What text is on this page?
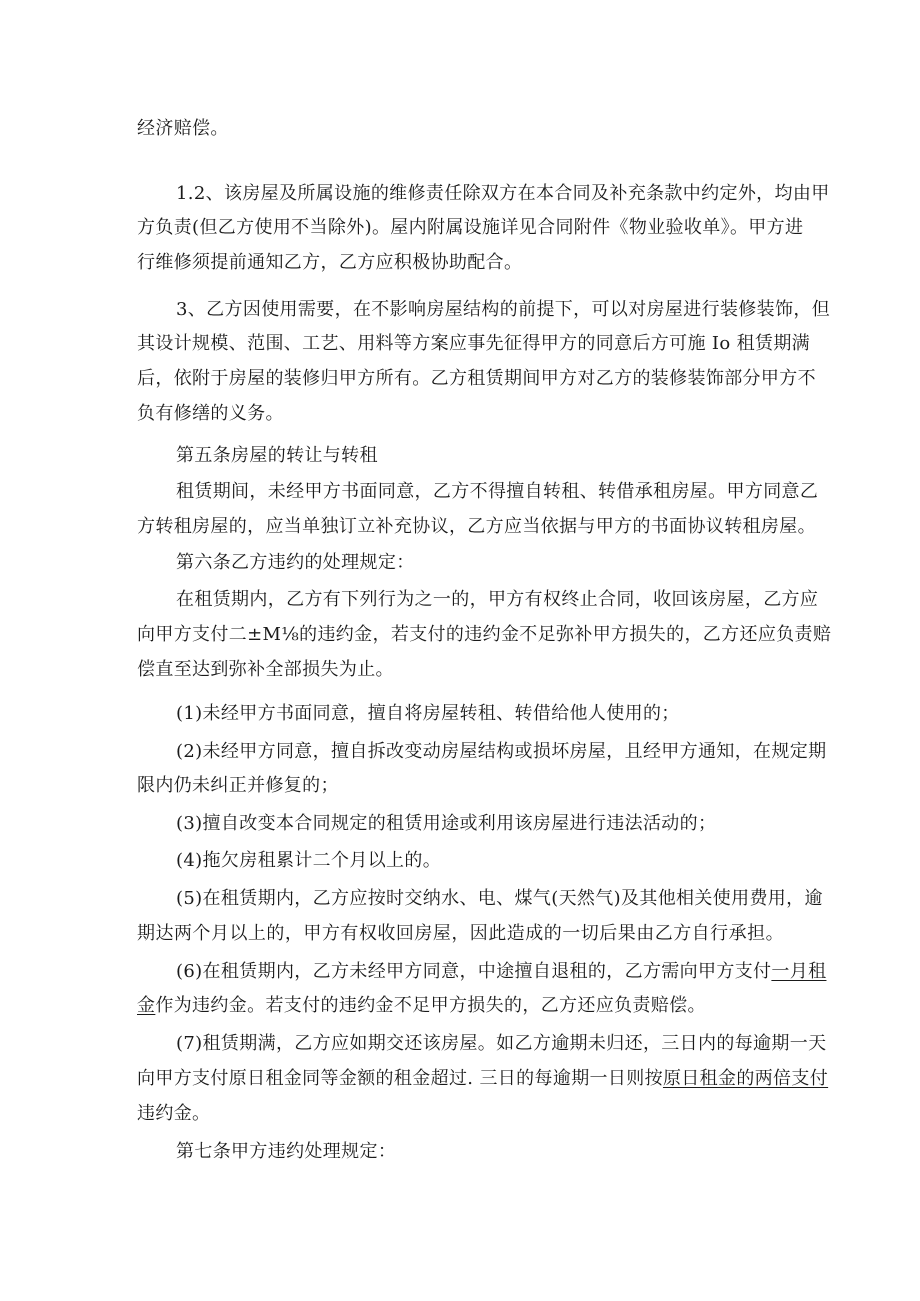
经济赔偿。
1.2、该房屋及所属设施的维修责任除双方在本合同及补充条款中约定外，均由甲
方负责(但乙方使用不当除外)。屋内附属设施详见合同附件《物业验收单》。甲方进
行维修须提前通知乙方，乙方应积极协助配合。
3、乙方因使用需要，在不影响房屋结构的前提下，可以对房屋进行装修装饰，但
其设计规模、范围、工艺、用料等方案应事先征得甲方的同意后方可施 Io 租赁期满
后，依附于房屋的装修归甲方所有。乙方租赁期间甲方对乙方的装修装饰部分甲方不
负有修缮的义务。
第五条房屋的转让与转租
租赁期间，未经甲方书面同意，乙方不得擅自转租、转借承租房屋。甲方同意乙
方转租房屋的，应当单独订立补充协议，乙方应当依据与甲方的书面协议转租房屋。
第六条乙方违约的处理规定：
在租赁期内，乙方有下列行为之一的，甲方有权终止合同，收回该房屋，乙方应
向甲方支付二±M⅛的违约金，若支付的违约金不足弥补甲方损失的，乙方还应负责赔
偿直至达到弥补全部损失为止。
(1)未经甲方书面同意，擅自将房屋转租、转借给他人使用的；
(2)未经甲方同意，擅自拆改变动房屋结构或损坏房屋，且经甲方通知，在规定期
限内仍未纠正并修复的；
(3)擅自改变本合同规定的租赁用途或利用该房屋进行违法活动的；
(4)拖欠房租累计二个月以上的。
(5)在租赁期内，乙方应按时交纳水、电、煤气(天然气)及其他相关使用费用，逾
期达两个月以上的，甲方有权收回房屋，因此造成的一切后果由乙方自行承担。
(6)在租赁期内，乙方未经甲方同意，中途擅自退租的，乙方需向甲方支付一月租
金作为违约金。若支付的违约金不足甲方损失的，乙方还应负责赔偿。
(7)租赁期满，乙方应如期交还该房屋。如乙方逾期未归还，三日内的每逾期一天
向甲方支付原日租金同等金额的租金超过. 三日的每逾期一日则按原日租金的两倍支付
违约金。
第七条甲方违约处理规定：
